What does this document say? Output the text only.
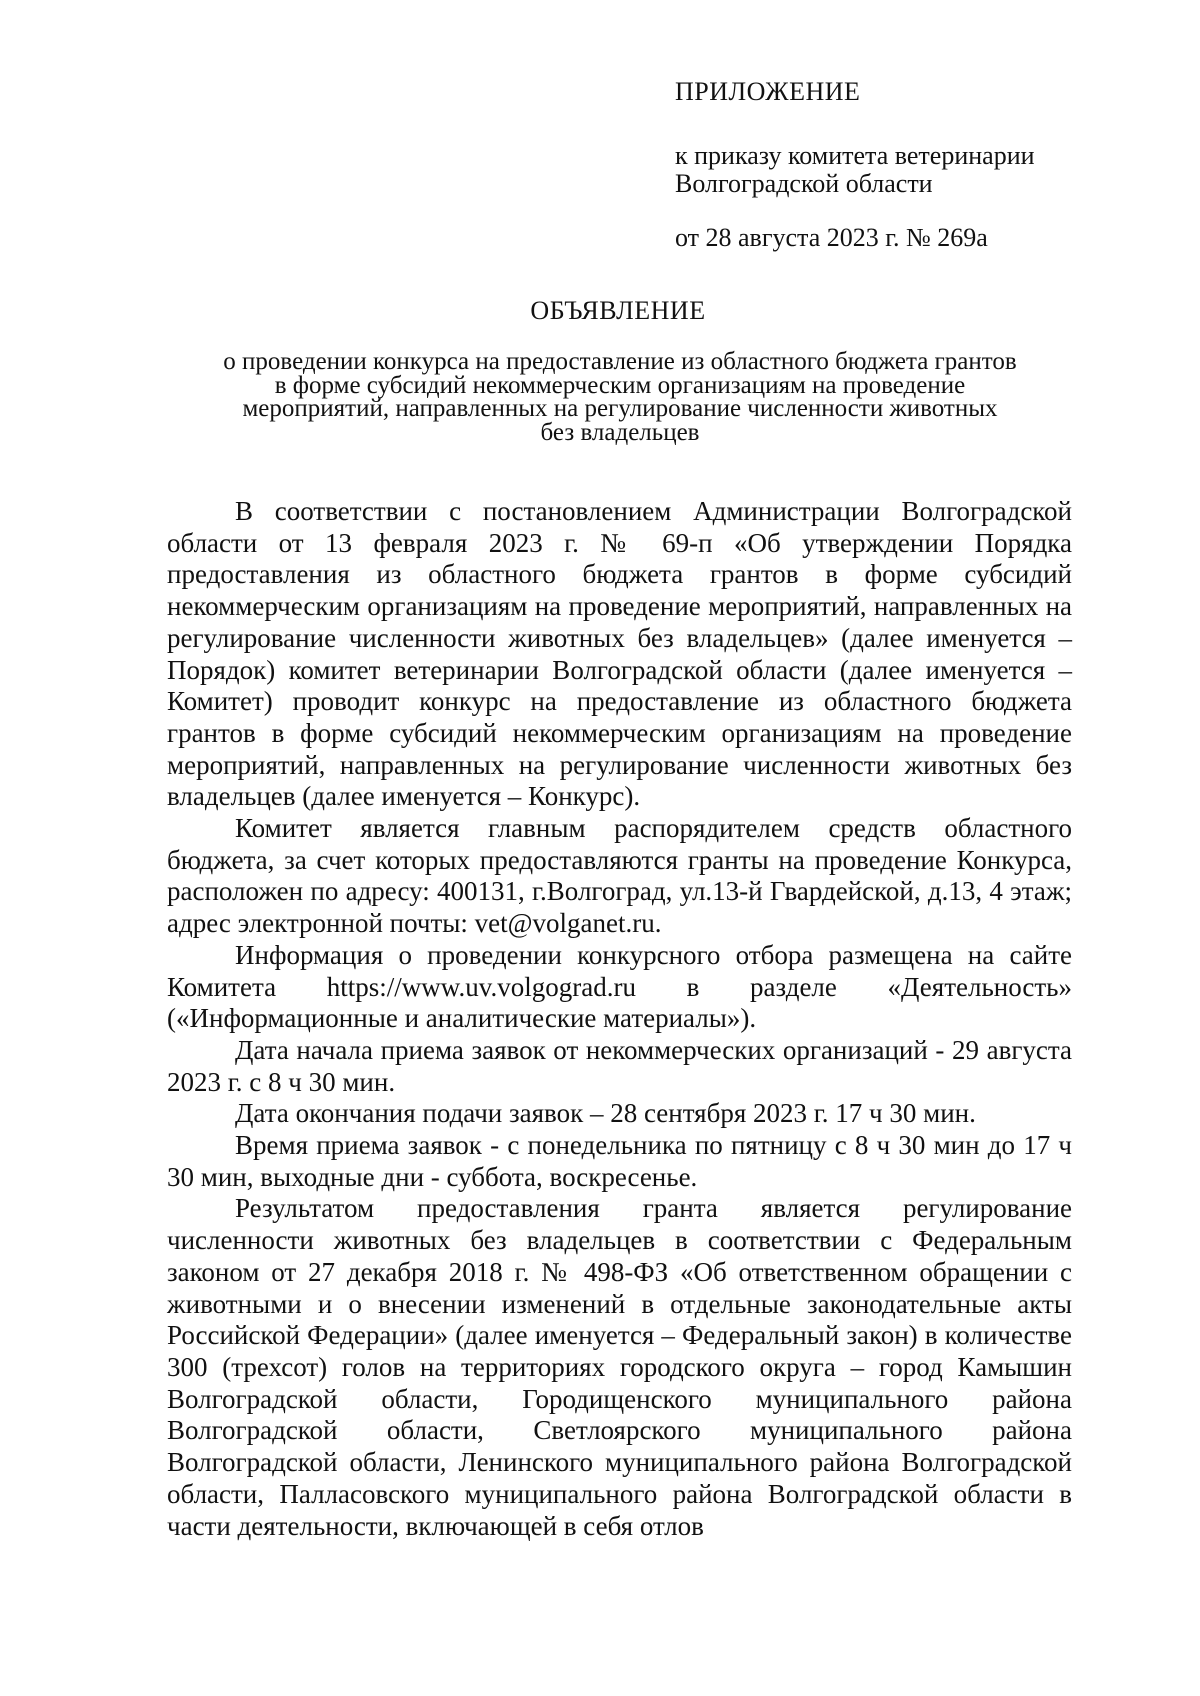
ПРИЛОЖЕНИЕ

к приказу комитета ветеринарии
Волгоградской области

от 28 августа 2023 г. № 269а

ОБЪЯВЛЕНИЕ
о проведении конкурса на предоставление из областного бюджета грантов
в форме субсидий некоммерческим организациям на проведение
мероприятий, направленных на регулирование численности животных
без владельцев

В соответствии с постановлением Администрации Волгоградской области от 13 февраля 2023 г. № 69-п «Об утверждении Порядка предоставления из областного бюджета грантов в форме субсидий некоммерческим организациям на проведение мероприятий, направленных на регулирование численности животных без владельцев» (далее именуется – Порядок) комитет ветеринарии Волгоградской области (далее именуется – Комитет) проводит конкурс на предоставление из областного бюджета грантов в форме субсидий некоммерческим организациям на проведение мероприятий, направленных на регулирование численности животных без владельцев (далее именуется – Конкурс).

Комитет является главным распорядителем средств областного бюджета, за счет которых предоставляются гранты на проведение Конкурса, расположен по адресу: 400131, г.Волгоград, ул.13-й Гвардейской, д.13, 4 этаж; адрес электронной почты: vet@volganet.ru.

Информация о проведении конкурсного отбора размещена на сайте Комитета https://www.uv.volgograd.ru в разделе «Деятельность» («Информационные и аналитические материалы»).

Дата начала приема заявок от некоммерческих организаций - 29 августа 2023 г. с 8 ч 30 мин.

Дата окончания подачи заявок – 28 сентября 2023 г. 17 ч 30 мин.

Время приема заявок - с понедельника по пятницу с 8 ч 30 мин до 17 ч 30 мин, выходные дни - суббота, воскресенье.

Результатом предоставления гранта является регулирование численности животных без владельцев в соответствии с Федеральным законом от 27 декабря 2018 г. № 498-ФЗ «Об ответственном обращении с животными и о внесении изменений в отдельные законодательные акты Российской Федерации» (далее именуется – Федеральный закон) в количестве 300 (трехсот) голов на территориях городского округа – город Камышин Волгоградской области, Городищенского муниципального района Волгоградской области, Светлоярского муниципального района Волгоградской области, Ленинского муниципального района Волгоградской области, Палласовского муниципального района Волгоградской области в части деятельности, включающей в себя отлов
